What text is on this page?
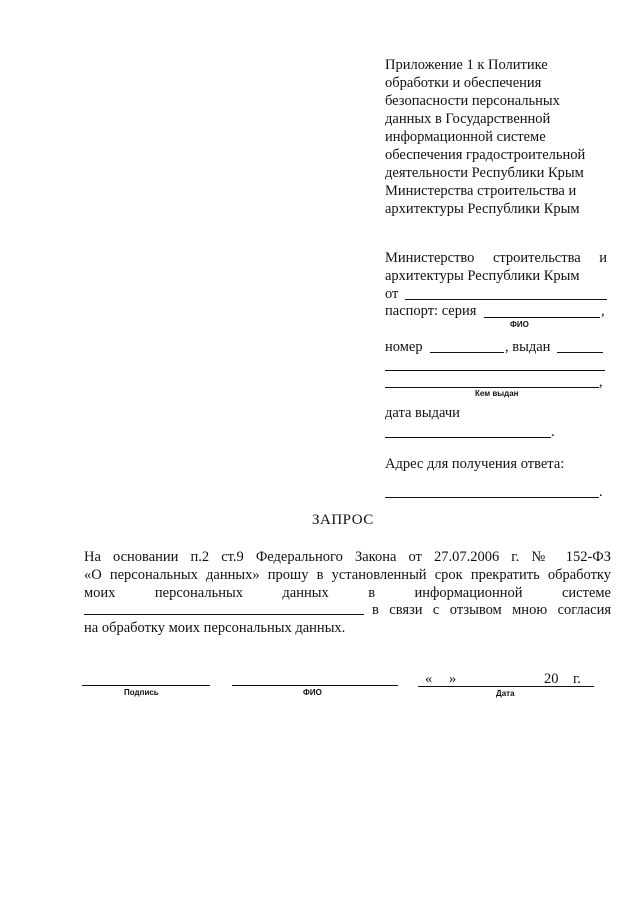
Приложение 1 к Политике
обработки и обеспечения
безопасности персональных
данных в Государственной
информационной системе
обеспечения градостроительной
деятельности Республики Крым
Министерства строительства и
архитектуры Республики Крым
Министерство строительства и
архитектуры Республики Крым
от
паспорт: серия	,
ФИО
номер	, выдан
,
Кем выдан
дата выдачи
.
Адрес для получения ответа:
.
ЗАПРОС
На основании п.2 ст.9 Федерального Закона от 27.07.2006 г. № 152-ФЗ
«О персональных данных» прошу в установленный срок прекратить обработку
моих персональных данных в информационной системе
в связи с отзывом мною согласия
на обработку моих персональных данных.
Подпись	ФИО
« »	20 г.
Дата
